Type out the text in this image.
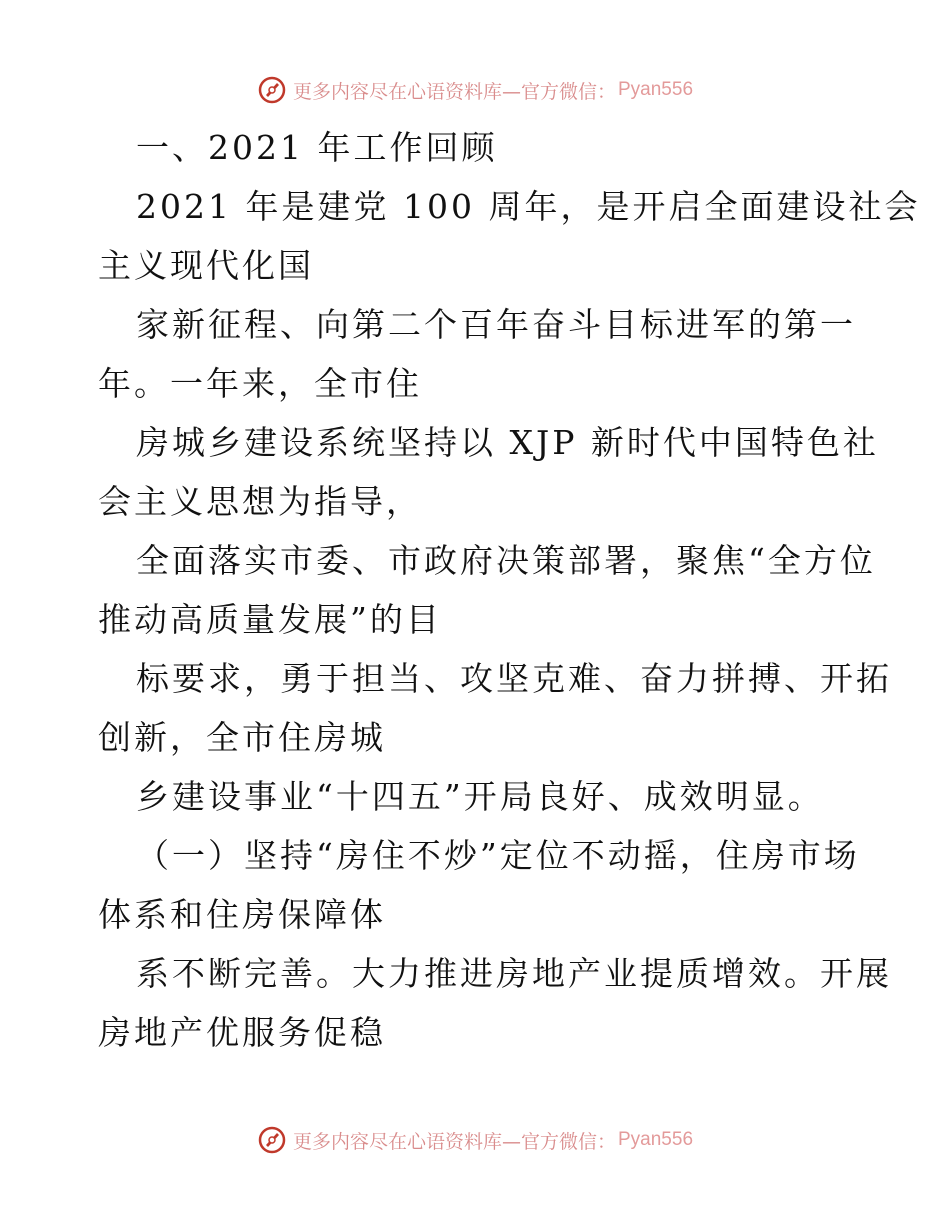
更多内容尽在心语资料库—官方微信： Pyan556
一、2021 年工作回顾
2021 年是建党 100 周年，是开启全面建设社会
主义现代化国
家新征程、向第二个百年奋斗目标进军的第一
年。一年来，全市住
房城乡建设系统坚持以 XJP 新时代中国特色社
会主义思想为指导，
全面落实市委、市政府决策部署，聚焦“全方位
推动高质量发展”的目
标要求，勇于担当、攻坚克难、奋力拼搏、开拓
创新，全市住房城
乡建设事业“十四五”开局良好、成效明显。
（一）坚持“房住不炒”定位不动摇，住房市场
体系和住房保障体
系不断完善。大力推进房地产业提质增效。开展
房地产优服务促稳
更多内容尽在心语资料库—官方微信： Pyan556
